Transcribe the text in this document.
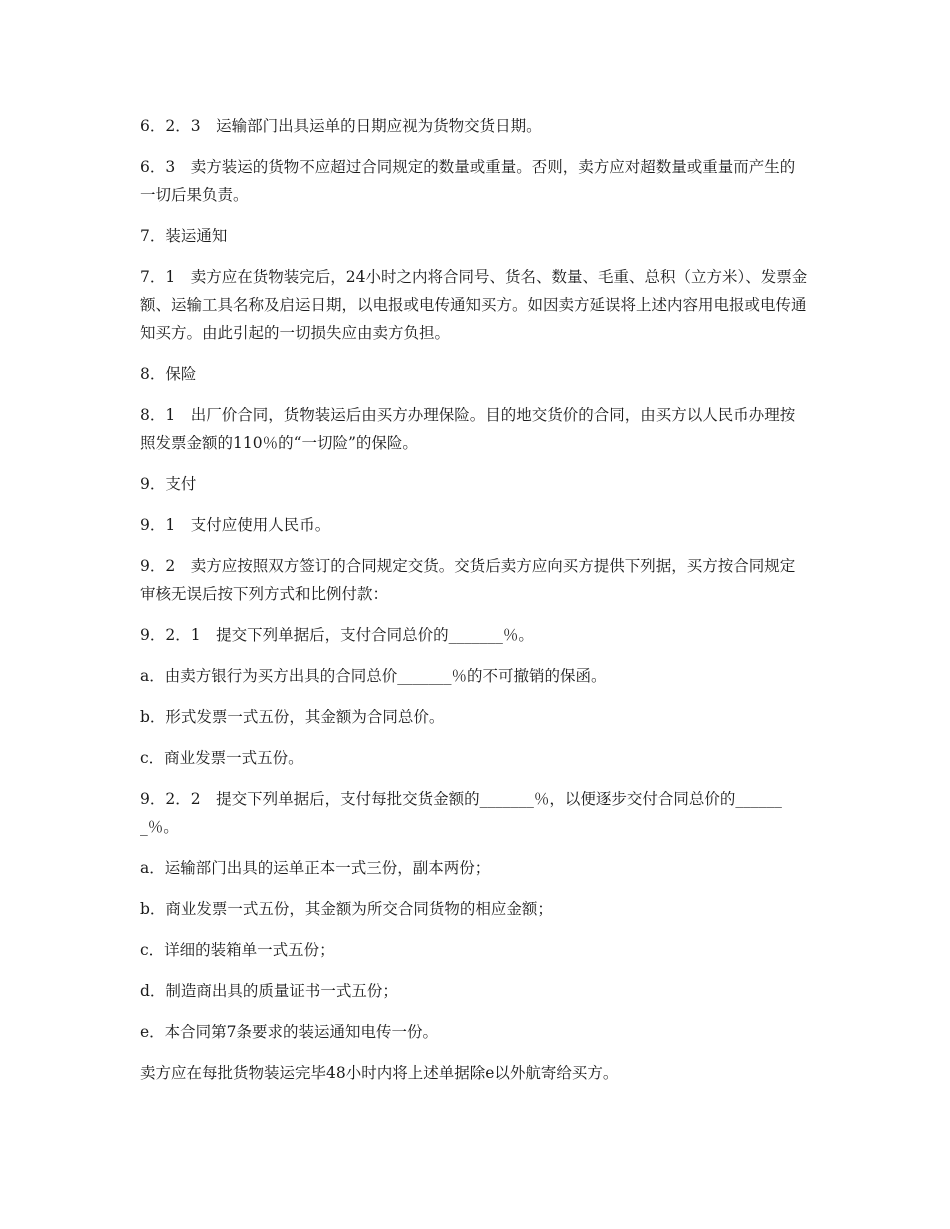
6．2．3　运输部门出具运单的日期应视为货物交货日期。

6．3　卖方装运的货物不应超过合同规定的数量或重量。否则，卖方应对超数量或重量而产生的一切后果负责。

7．装运通知

7．1　卖方应在货物装完后，24小时之内将合同号、货名、数量、毛重、总积（立方米）、发票金额、运输工具名称及启运日期，以电报或电传通知买方。如因卖方延误将上述内容用电报或电传通知买方。由此引起的一切损失应由卖方负担。

8．保险

8．1　出厂价合同，货物装运后由买方办理保险。目的地交货价的合同，由买方以人民币办理按照发票金额的110％的“一切险”的保险。

9．支付

9．1　支付应使用人民币。

9．2　卖方应按照双方签订的合同规定交货。交货后卖方应向买方提供下列据，买方按合同规定审核无误后按下列方式和比例付款：

9．2．1　提交下列单据后，支付合同总价的_______％。

a．由卖方银行为买方出具的合同总价_______％的不可撤销的保函。

b．形式发票一式五份，其金额为合同总价。

c．商业发票一式五份。

9．2．2　提交下列单据后，支付每批交货金额的_______％，以便逐步交付合同总价的_______％。

a．运输部门出具的运单正本一式三份，副本两份；

b．商业发票一式五份，其金额为所交合同货物的相应金额；

c．详细的装箱单一式五份；

d．制造商出具的质量证书一式五份；

e．本合同第7条要求的装运通知电传一份。

卖方应在每批货物装运完毕48小时内将上述单据除e以外航寄给买方。
